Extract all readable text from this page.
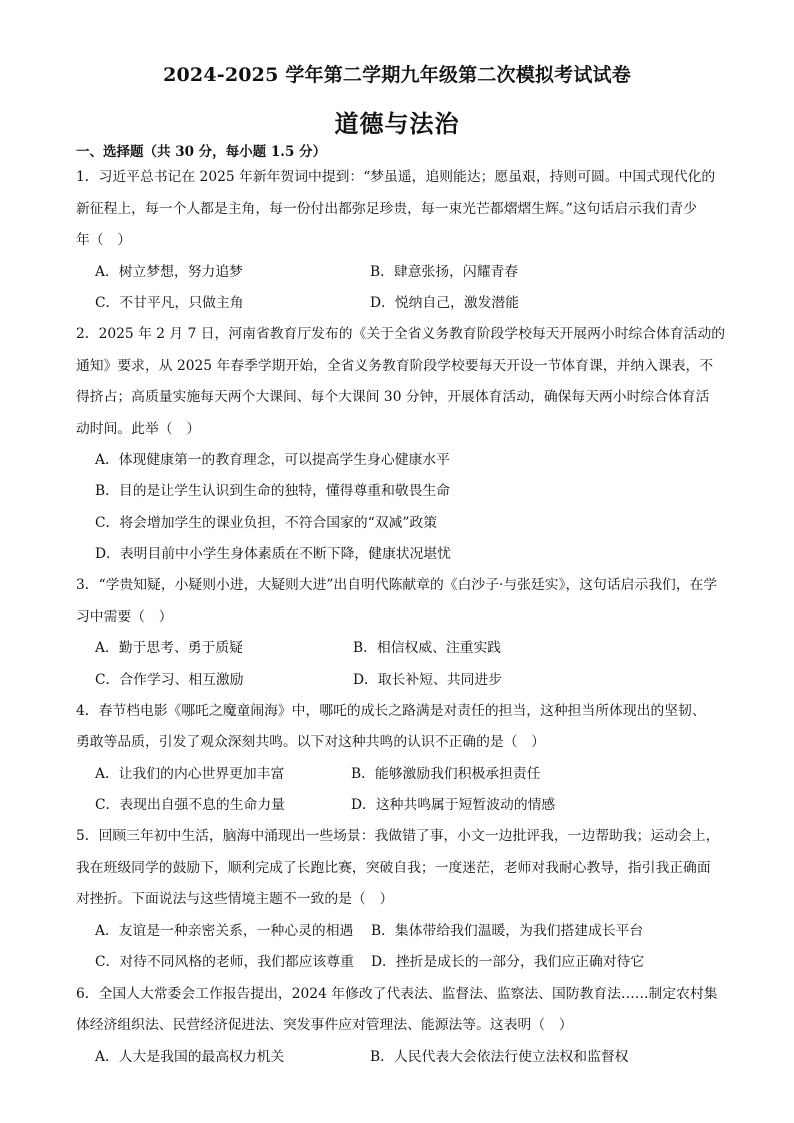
2024-2025 学年第二学期九年级第二次模拟考试试卷
道德与法治
一、选择题（共 30 分，每小题 1.5 分）

1．习近平总书记在 2025 年新年贺词中提到：“梦虽遥，追则能达；愿虽艰，持则可圆。中国式现代化的

新征程上，每一个人都是主角，每一份付出都弥足珍贵，每一束光芒都熠熠生辉。”这句话启示我们青少

年（　）

A．树立梦想，努力追梦	B．肆意张扬，闪耀青春
C．不甘平凡，只做主角	D．悦纳自己，激发潜能

2．2025 年 2 月 7 日，河南省教育厅发布的《关于全省义务教育阶段学校每天开展两小时综合体育活动的

通知》要求，从 2025 年春季学期开始，全省义务教育阶段学校要每天开设一节体育课，并纳入课表，不

得挤占；高质量实施每天两个大课间、每个大课间 30 分钟，开展体育活动，确保每天两小时综合体育活

动时间。此举（　）

A．体现健康第一的教育理念，可以提高学生身心健康水平
B．目的是让学生认识到生命的独特，懂得尊重和敬畏生命
C．将会增加学生的课业负担，不符合国家的“双减”政策
D．表明目前中小学生身体素质在不断下降，健康状况堪忧

3．“学贵知疑，小疑则小进，大疑则大进”出自明代陈献章的《白沙子·与张廷实》，这句话启示我们，在学

习中需要（　）

A．勤于思考、勇于质疑	B．相信权威、注重实践
C．合作学习、相互激励	D．取长补短、共同进步

4．春节档电影《哪吒之魔童闹海》中，哪吒的成长之路满是对责任的担当，这种担当所体现出的坚韧、

勇敢等品质，引发了观众深刻共鸣。以下对这种共鸣的认识不正确的是（　）

A．让我们的内心世界更加丰富	B．能够激励我们积极承担责任
C．表现出自强不息的生命力量	D．这种共鸣属于短暂波动的情感

5．回顾三年初中生活，脑海中涌现出一些场景：我做错了事，小文一边批评我，一边帮助我；运动会上，

我在班级同学的鼓励下，顺利完成了长跑比赛，突破自我；一度迷茫，老师对我耐心教导，指引我正确面

对挫折。下面说法与这些情境主题不一致的是（　）

A．友谊是一种亲密关系，一种心灵的相遇	B．集体带给我们温暖，为我们搭建成长平台
C．对待不同风格的老师，我们都应该尊重	D．挫折是成长的一部分，我们应正确对待它

6．全国人大常委会工作报告提出，2024 年修改了代表法、监督法、监察法、国防教育法……制定农村集

体经济组织法、民营经济促进法、突发事件应对管理法、能源法等。这表明（　）

A．人大是我国的最高权力机关	B．人民代表大会依法行使立法权和监督权
